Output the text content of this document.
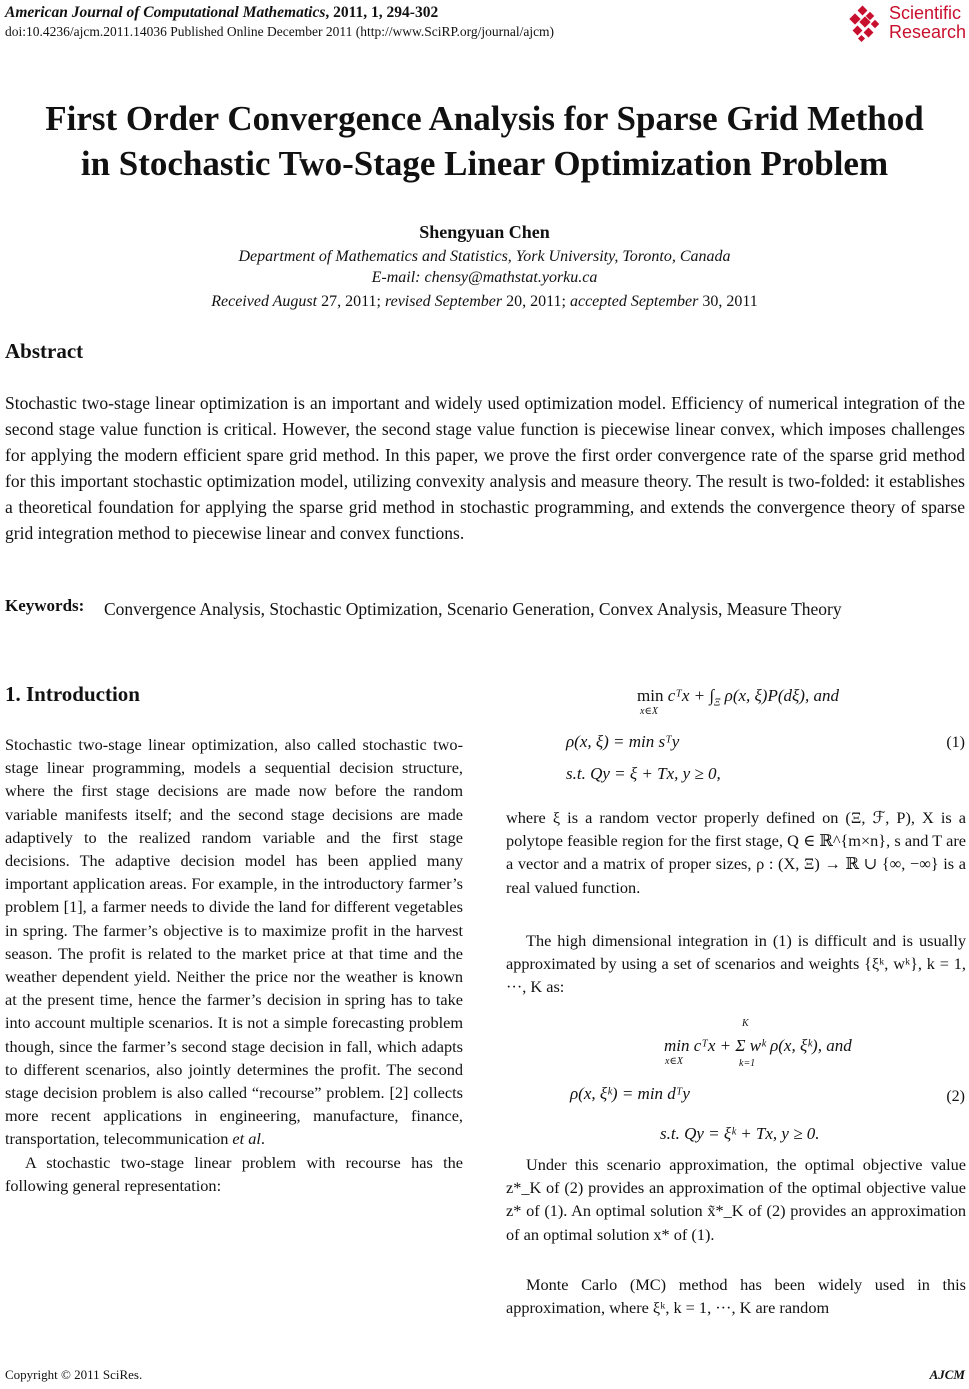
American Journal of Computational Mathematics, 2011, 1, 294-302
doi:10.4236/ajcm.2011.14036 Published Online December 2011 (http://www.SciRP.org/journal/ajcm)
Scientific
Research
First Order Convergence Analysis for Sparse Grid Method
in Stochastic Two-Stage Linear Optimization Problem
Shengyuan Chen
Department of Mathematics and Statistics, York University, Toronto, Canada
E-mail: chensy@mathstat.yorku.ca
Received August 27, 2011; revised September 20, 2011; accepted September 30, 2011
Abstract
Stochastic two-stage linear optimization is an important and widely used optimization model. Efficiency of numerical integration of the second stage value function is critical. However, the second stage value function is piecewise linear convex, which imposes challenges for applying the modern efficient spare grid method. In this paper, we prove the first order convergence rate of the sparse grid method for this important stochastic optimization model, utilizing convexity analysis and measure theory. The result is two-folded: it establishes a theoretical foundation for applying the sparse grid method in stochastic programming, and extends the convergence theory of sparse grid integration method to piecewise linear and convex functions.
Keywords: Convergence Analysis, Stochastic Optimization, Scenario Generation, Convex Analysis, Measure Theory
1. Introduction

Stochastic two-stage linear optimization, also called stochastic two-stage linear programming, models a sequential decision structure, where the first stage decisions are made now before the random variable manifests itself; and the second stage decisions are made adaptively to the realized random variable and the first stage decisions. The adaptive decision model has been applied many important application areas. For example, in the introductory farmer’s problem [1], a farmer needs to divide the land for different vegetables in spring. The farmer’s objective is to maximize profit in the harvest season. The profit is related to the market price at that time and the weather dependent yield. Neither the price nor the weather is known at the present time, hence the farmer’s decision in spring has to take into account multiple scenarios. It is not a simple forecasting problem though, since the farmer’s second stage decision in fall, which adapts to different scenarios, also jointly determines the profit. The second stage decision problem is also called “recourse” problem. [2] collects more recent applications in engineering, manufacture, finance, transportation, telecommunication et al.

A stochastic two-stage linear problem with recourse has the following general representation:

min cᵀx + $\int_\Xi$ ρ(x, ξ)P(dξ), and
x∈X
ρ(x, ξ) = min sᵀy	(1)
s.t. Qy = ξ + Tx, y ≥ 0,
where ξ is a random vector properly defined on (Ξ, ℱ, P), X is a polytope feasible region for the first stage, Q ∈ ℝ^{m×n}, s and T are a vector and a matrix of proper sizes, ρ : (X, Ξ) → ℝ ∪ {∞, −∞} is a real valued function.
The high dimensional integration in (1) is difficult and is usually approximated by using a set of scenarios and weights {ξᵏ, wᵏ}, k = 1, ···, K as:
K
min cᵀx + Σ wᵏ ρ(x, ξᵏ), and
x∈X	k=1
ρ(x, ξᵏ) = min dᵀy	(2)
s.t. Qy = ξᵏ + Tx, y ≥ 0.
Under this scenario approximation, the optimal objective value z*_K of (2) provides an approximation of the optimal objective value z* of (1). An optimal solution x̃*_K of (2) provides an approximation of an optimal solution x* of (1).
Monte Carlo (MC) method has been widely used in this approximation, where ξᵏ, k = 1, ···, K are random
Copyright © 2011 SciRes.	AJCM
